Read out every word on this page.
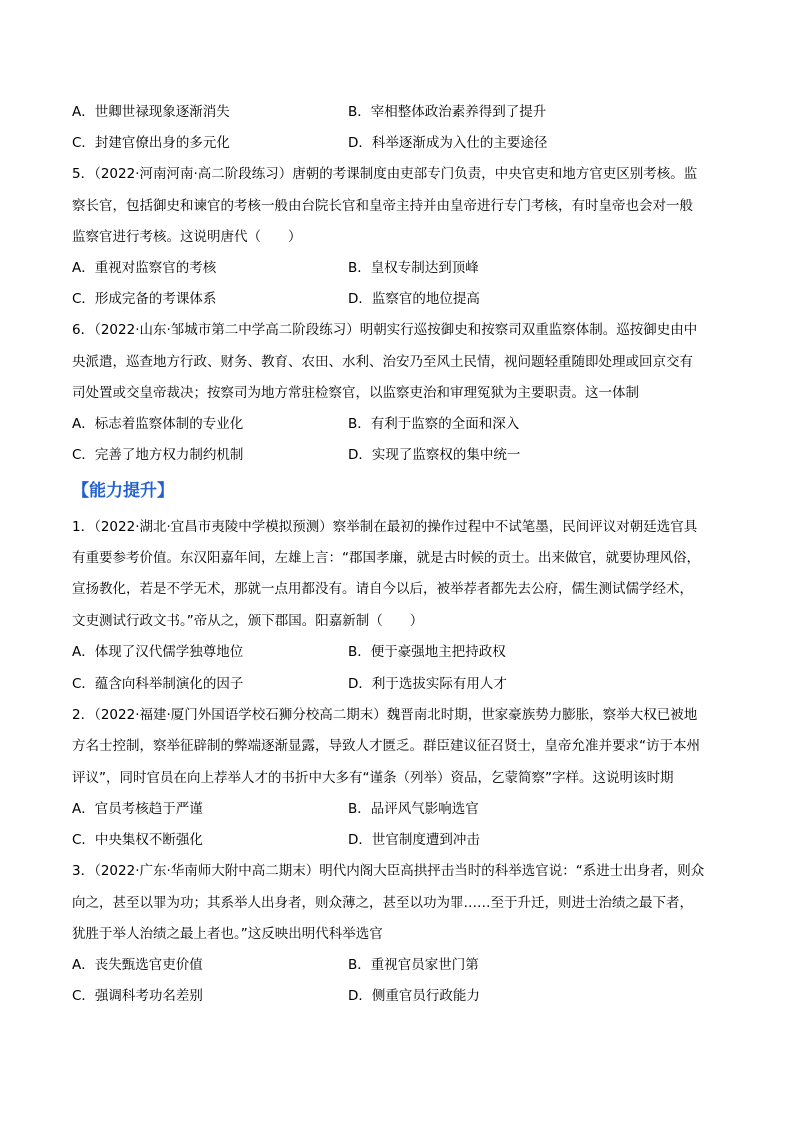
A．世卿世禄现象逐渐消失	B．宰相整体政治素养得到了提升
C．封建官僚出身的多元化	D．科举逐渐成为入仕的主要途径
5．（2022·河南河南·高二阶段练习）唐朝的考课制度由吏部专门负责，中央官吏和地方官吏区别考核。监
察长官，包括御史和谏官的考核一般由台院长官和皇帝主持并由皇帝进行专门考核，有时皇帝也会对一般
监察官进行考核。这说明唐代（　　）
A．重视对监察官的考核	B．皇权专制达到顶峰
C．形成完备的考课体系	D．监察官的地位提高
6．（2022·山东·邹城市第二中学高二阶段练习）明朝实行巡按御史和按察司双重监察体制。巡按御史由中
央派遣，巡查地方行政、财务、教育、农田、水利、治安乃至风土民情，视问题轻重随即处理或回京交有
司处置或交皇帝裁决；按察司为地方常驻检察官，以监察吏治和审理冤狱为主要职责。这一体制
A．标志着监察体制的专业化	B．有利于监察的全面和深入
C．完善了地方权力制约机制	D．实现了监察权的集中统一
【能力提升】
1．（2022·湖北·宜昌市夷陵中学模拟预测）察举制在最初的操作过程中不试笔墨，民间评议对朝廷选官具
有重要参考价值。东汉阳嘉年间，左雄上言：“郡国孝廉，就是古时候的贡士。出来做官，就要协理风俗，
宣扬教化，若是不学无术，那就一点用都没有。请自今以后，被举荐者都先去公府，儒生测试儒学经术，
文吏测试行政文书。”帝从之，颁下郡国。阳嘉新制（　　）
A．体现了汉代儒学独尊地位	B．便于豪强地主把持政权
C．蕴含向科举制演化的因子	D．利于选拔实际有用人才
2．（2022·福建·厦门外国语学校石狮分校高二期末）魏晋南北时期，世家豪族势力膨胀，察举大权已被地
方名士控制，察举征辟制的弊端逐渐显露，导致人才匮乏。群臣建议征召贤士，皇帝允准并要求“访于本州
评议”，同时官员在向上荐举人才的书折中大多有“谨条（列举）资品，乞蒙简察”字样。这说明该时期
A．官员考核趋于严谨	B．品评风气影响选官
C．中央集权不断强化	D．世官制度遭到冲击
3．（2022·广东·华南师大附中高二期末）明代内阁大臣高拱抨击当时的科举选官说：“系进士出身者，则众
向之，甚至以罪为功；其系举人出身者，则众薄之，甚至以功为罪……至于升迁，则进士治绩之最下者，
犹胜于举人治绩之最上者也。”这反映出明代科举选官
A．丧失甄选官吏价值	B．重视官员家世门第
C．强调科考功名差别	D．侧重官员行政能力
